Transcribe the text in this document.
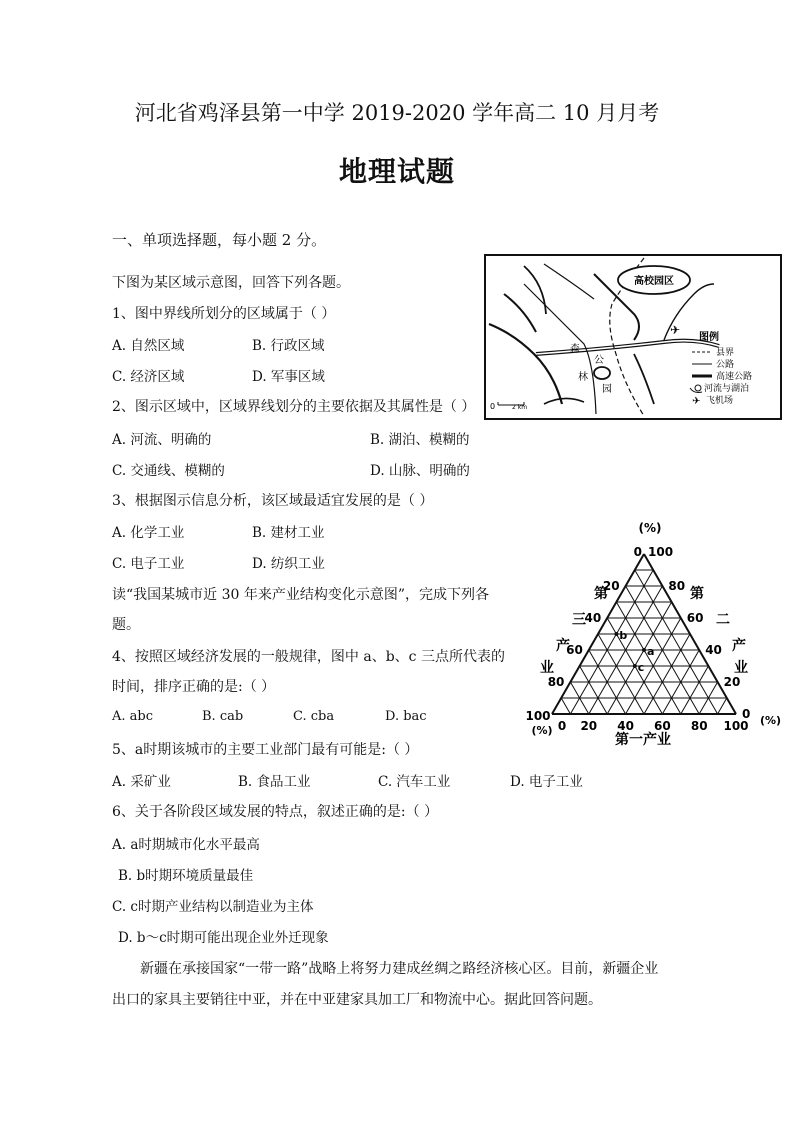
河北省鸡泽县第一中学 2019-2020 学年高二 10 月月考
地理试题
一、单项选择题，每小题 2 分。
下图为某区域示意图，回答下列各题。	高校园区
森
林
公
园
✈
0	2 km
图例
县界
公路
高速公路
河流与湖泊
✈ 飞机场
1、图中界线所划分的区域属于（ ）
A. 自然区域	B. 行政区域
C. 经济区域	D. 军事区域
2、图示区域中，区域界线划分的主要依据及其属性是（ ）
A. 河流、明确的	B. 湖泊、模糊的
C. 交通线、模糊的	D. 山脉、明确的
3、根据图示信息分析，该区域最适宜发展的是（ ）
A. 化学工业	B. 建材工业
C. 电子工业	D. 纺织工业
读“我国某城市近 30 年来产业结构变化示意图”，完成下列各
题。
(%)
0 100
100
(%)
(%)
第
三
产
业
第
二
产
业
第一产业
20
40
60
80
80
60
40
20
0
0 20 40 60 80 100
a
b
c
4、按照区域经济发展的一般规律，图中 a、b、c 三点所代表的
时间，排序正确的是:（ ）
A. abc	B. cab	C. cba	D. bac
5、a时期该城市的主要工业部门最有可能是:（ ）
A. 采矿业	B. 食品工业	C. 汽车工业	D. 电子工业
6、关于各阶段区域发展的特点，叙述正确的是:（ ）
A. a时期城市化水平最高
B. b时期环境质量最佳
C. c时期产业结构以制造业为主体
D. b～c时期可能出现企业外迁现象
新疆在承接国家“一带一路”战略上将努力建成丝绸之路经济核心区。目前，新疆企业
出口的家具主要销往中亚，并在中亚建家具加工厂和物流中心。据此回答问题。
